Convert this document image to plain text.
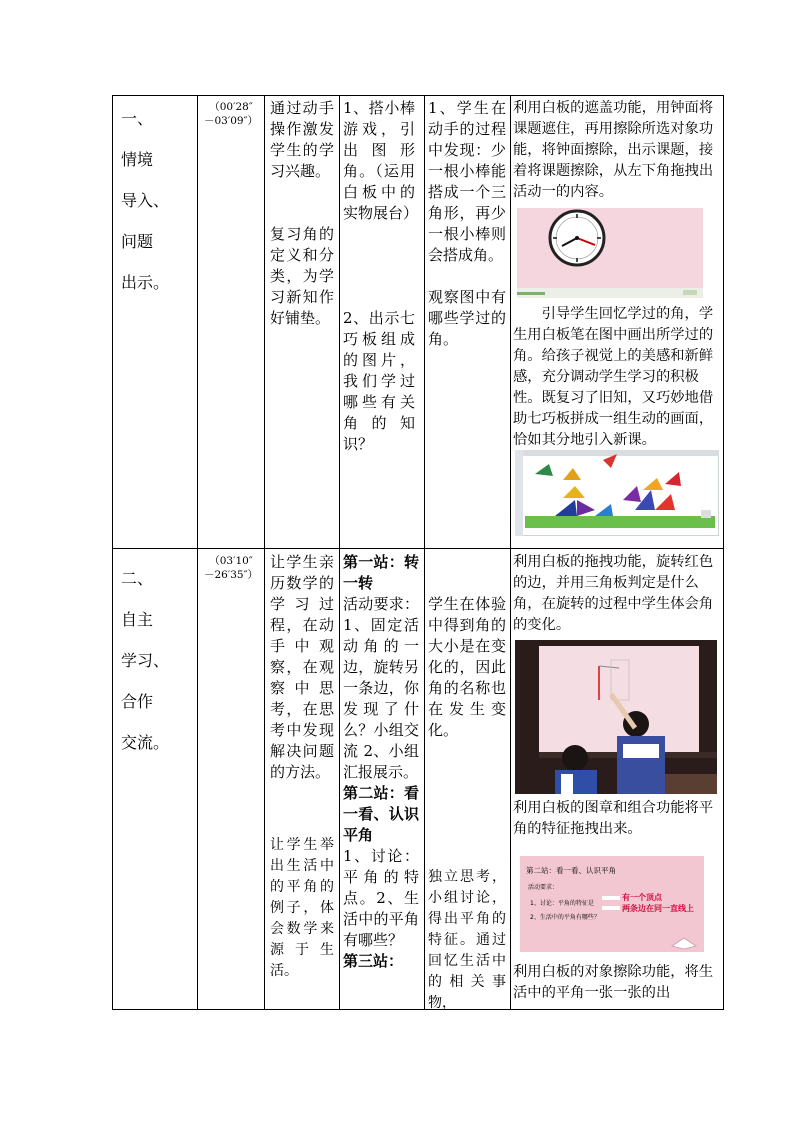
一、
情境
导入、
问题
出示。
（00′28″
－03′09″）

通过动手操作激发学生的学习兴趣。

复习角的定义和分类，为学习新知作好铺垫。

1、搭小棒游戏，引出图形角。（运用白板中的实物展台）

2、出示七巧板组成的图片，我们学过哪些有关角的知识？

1、学生在动手的过程中发现：少一根小棒能搭成一个三角形，再少一根小棒则会搭成角。

观察图中有哪些学过的角。

利用白板的遮盖功能，用钟面将课题遮住，再用擦除所选对象功能，将钟面擦除，出示课题，接着将课题擦除，从左下角拖拽出活动一的内容。

　　引导学生回忆学过的角，学生用白板笔在图中画出所学过的角。给孩子视觉上的美感和新鲜感，充分调动学生学习的积极性。既复习了旧知，又巧妙地借助七巧板拼成一组生动的画面，恰如其分地引入新课。

二、
自主
学习、
合作
交流。
（03′10″
－26′35″）

让学生亲历数学的学习过程，在动手中观察，在观察中思考，在思考中发现解决问题的方法。

让学生举出生活中的平角的例子，体会数学来源于生活。

第一站：转一转

活动要求：1、固定活动角的一边，旋转另一条边，你发现了什么？小组交流 2、小组汇报展示。

第二站：看一看、认识平角

1、讨论：平角的特点。2、生活中的平角有哪些？

第三站：

学生在体验中得到角的大小是在变化的，因此角的名称也在发生变化。

独立思考，小组讨论，得出平角的特征。通过回忆生活中的相关事物，

利用白板的拖拽功能，旋转红色的边，并用三角板判定是什么角，在旋转的过程中学生体会角的变化。

利用白板的图章和组合功能将平角的特征拖拽出来。

第二站：看一看、认识平角
活动要求：
1、讨论：平角的特征是
2、生活中的平角有哪些？
有一个顶点
两条边在同一直线上

利用白板的对象擦除功能，将生活中的平角一张一张的出
